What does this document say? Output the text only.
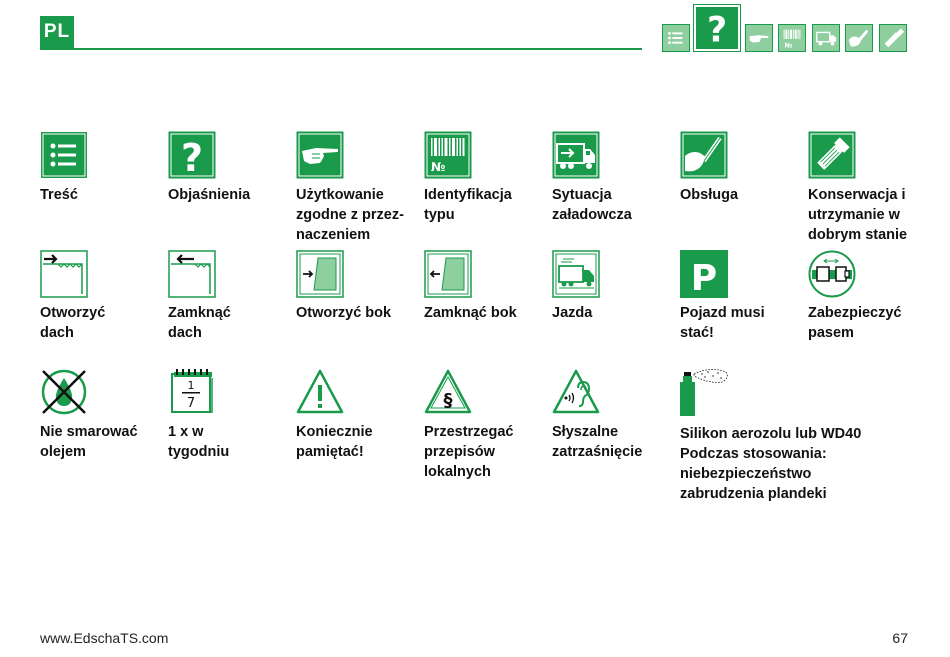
PL	?	№
Treść
?
Objaśnienia	Użytkowanie
zgodne z przez-
naczeniem
№
Identyfikacja
typu
Sytuacja
załadowcza
Obsługa	Konserwacja i
utrzymanie w
dobrym stanie
Otworzyć
dach
Zamknąć
dach
Otworzyć bok Zamknąć bok Jazda
P
Pojazd musi
stać!
Zabezpieczyć
pasem
Nie smarować
olejem
1
7
1 x w
tygodniu
Koniecznie
pamiętać!
§
Przestrzegać
przepisów
lokalnych
Słyszalne
zatrzaśnięcie
Silikon aerozolu lub WD40
Podczas stosowania:
niebezpieczeństwo
zabrudzenia plandeki
www.EdschaTS.com	67
